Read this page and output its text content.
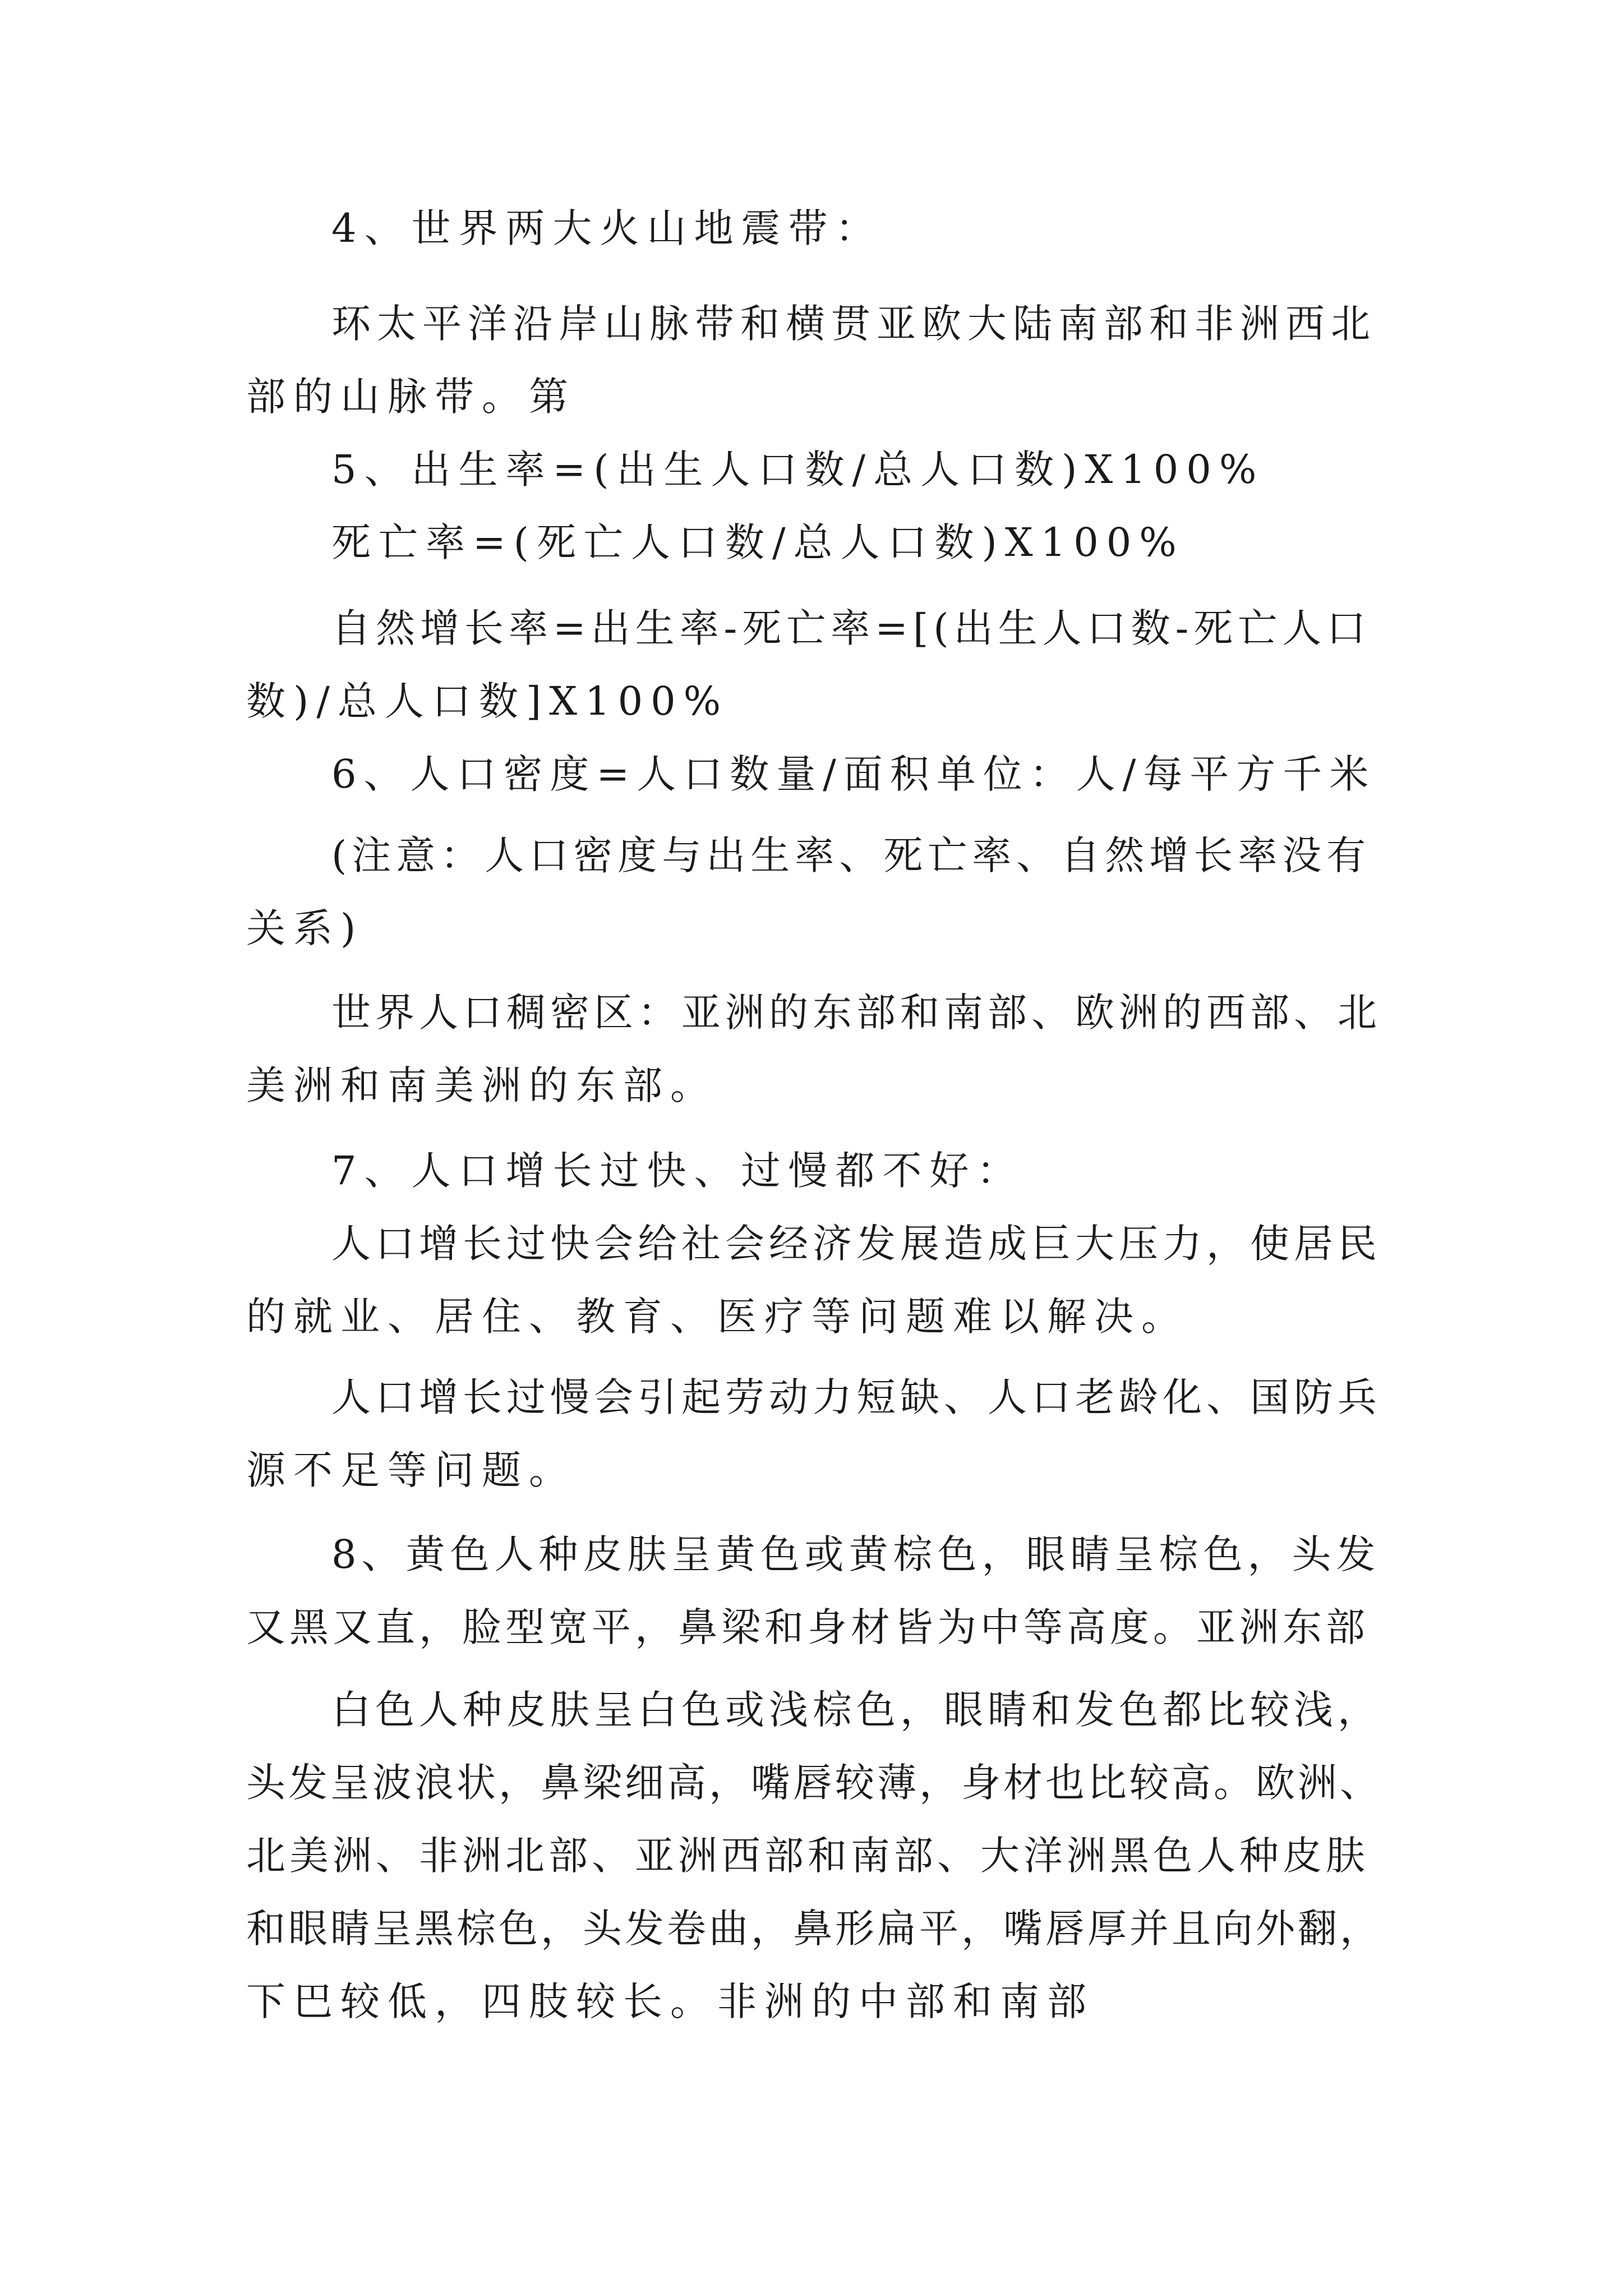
4、世界两大火山地震带：

环太平洋沿岸山脉带和横贯亚欧大陆南部和非洲西北

部的山脉带。第

5、出生率=(出生人口数/总人口数)X100%

死亡率=(死亡人口数/总人口数)X100%

自然增长率=出生率-死亡率=[(出生人口数-死亡人口

数)/总人口数]X100%

6、人口密度=人口数量/面积单位：人/每平方千米

(注意：人口密度与出生率、死亡率、自然增长率没有

关系)

世界人口稠密区：亚洲的东部和南部、欧洲的西部、北

美洲和南美洲的东部。

7、人口增长过快、过慢都不好：

人口增长过快会给社会经济发展造成巨大压力，使居民

的就业、居住、教育、医疗等问题难以解决。

人口增长过慢会引起劳动力短缺、人口老龄化、国防兵

源不足等问题。

8、黄色人种皮肤呈黄色或黄棕色，眼睛呈棕色，头发

又黑又直，脸型宽平，鼻梁和身材皆为中等高度。亚洲东部

白色人种皮肤呈白色或浅棕色，眼睛和发色都比较浅，

头发呈波浪状，鼻梁细高，嘴唇较薄，身材也比较高。欧洲、

北美洲、非洲北部、亚洲西部和南部、大洋洲黑色人种皮肤

和眼睛呈黑棕色，头发卷曲，鼻形扁平，嘴唇厚并且向外翻，

下巴较低，四肢较长。非洲的中部和南部
